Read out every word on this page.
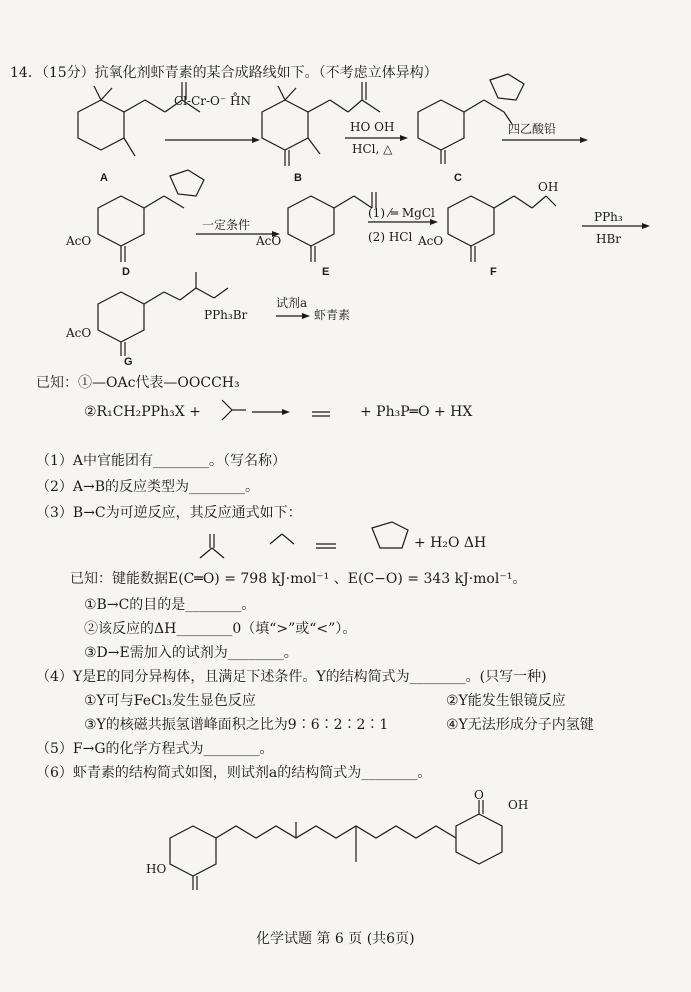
14．（15分）抗氧化剂虾青素的某合成路线如下。（不考虑立体异构）
Cl-Cr-O⁻ H̊N
HO OH
HCl, △
四乙酸铅
A	B	C
一定条件
(1) ⁄═ MgCl
(2) HCl
PPh₃
HBr
AcO	AcO	AcO
OH
D	E	F
AcO
PPh₃Br
试剂a
虾青素
G
已知：①—OAc代表—OOCCH₃
②R₁CH₂PPh₃X +	+ Ph₃P═O + HX
（1）A中官能团有________。（写名称）
（2）A→B的反应类型为________。
（3）B→C为可逆反应，其反应通式如下：
+ H₂O ΔH
已知：键能数据E(C═O) = 798 kJ·mol⁻¹ 、E(C−O) = 343 kJ·mol⁻¹。
①B→C的目的是________。
②该反应的ΔH________0（填“>”或“<”）。
③D→E需加入的试剂为________。
（4）Y是E的同分异构体，且满足下述条件。Y的结构简式为________。(只写一种)
①Y可与FeCl₃发生显色反应	②Y能发生银镜反应
③Y的核磁共振氢谱峰面积之比为9∶6∶2∶2∶1	④Y无法形成分子内氢键
（5）F→G的化学方程式为________。
（6）虾青素的结构简式如图，则试剂a的结构简式为________。
HO
OH
O
化学试题 第 6 页 (共6页)
